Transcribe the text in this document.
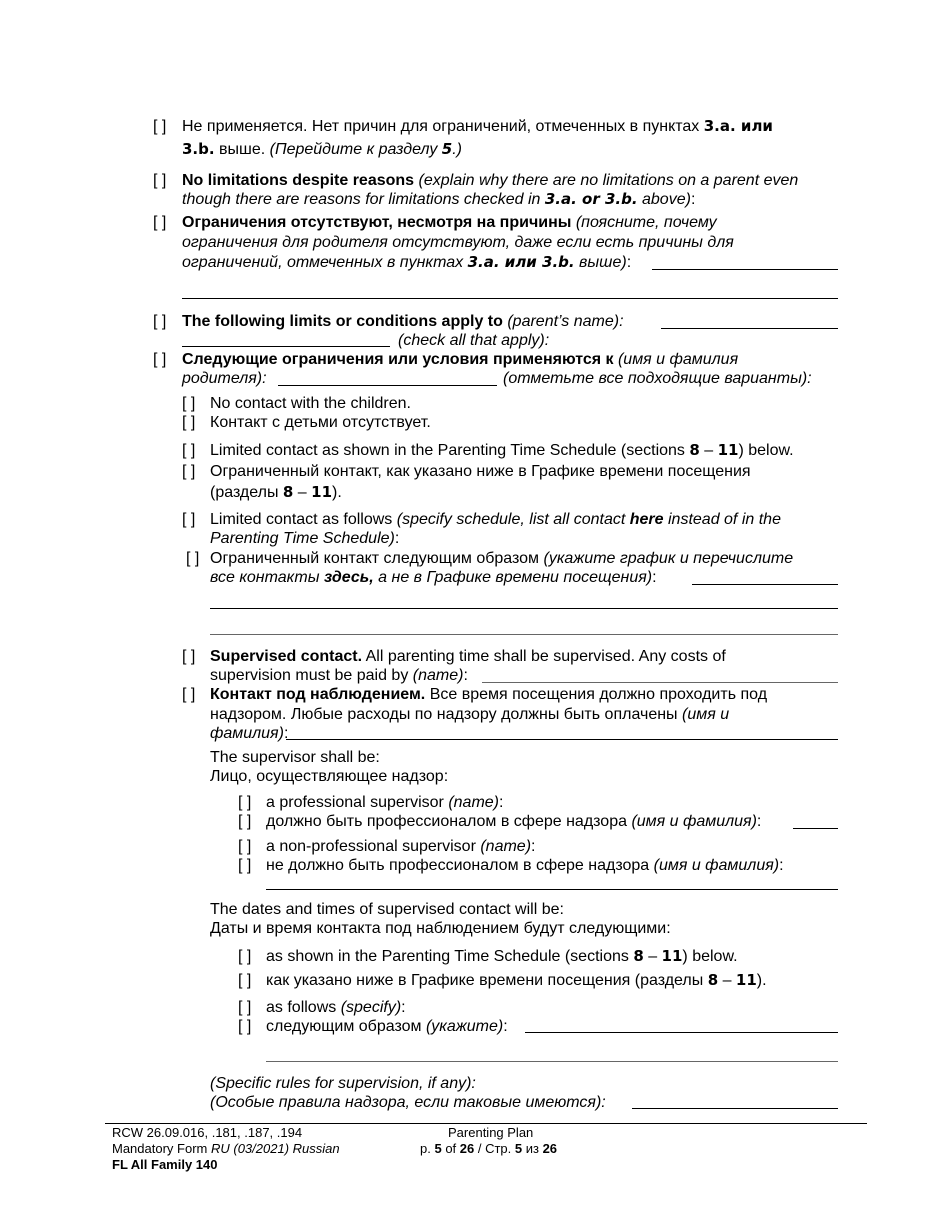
[ ] Не применяется. Нет причин для ограничений, отмеченных в пунктах 3.a. или
3.b. выше. (Перейдите к разделу 5.)
[ ] No limitations despite reasons (explain why there are no limitations on a parent even
though there are reasons for limitations checked in 3.a. or 3.b. above):
[ ] Ограничения отсутствуют, несмотря на причины (поясните, почему
ограничения для родителя отсутствуют, даже если есть причины для
ограничений, отмеченных в пунктах 3.a. или 3.b. выше):
[ ] The following limits or conditions apply to (parent’s name):
(check all that apply):
[ ] Следующие ограничения или условия применяются к (имя и фамилия
родителя):	(отметьте все подходящие варианты):
[ ] No contact with the children.
[ ] Контакт с детьми отсутствует.
[ ] Limited contact as shown in the Parenting Time Schedule (sections 8 – 11) below.
[ ] Ограниченный контакт, как указано ниже в Графике времени посещения
(разделы 8 – 11).
[ ] Limited contact as follows (specify schedule, list all contact here instead of in the
Parenting Time Schedule):
[ ] Ограниченный контакт следующим образом (укажите график и перечислите
все контакты здесь, а не в Графике времени посещения):
[ ] Supervised contact. All parenting time shall be supervised. Any costs of
supervision must be paid by (name):
[ ] Контакт под наблюдением. Все время посещения должно проходить под
надзором. Любые расходы по надзору должны быть оплачены (имя и
фамилия):
The supervisor shall be:
Лицо, осуществляющее надзор:
[ ] a professional supervisor (name):
[ ] должно быть профессионалом в сфере надзора (имя и фамилия):
[ ] a non-professional supervisor (name):
[ ] не должно быть профессионалом в сфере надзора (имя и фамилия):
The dates and times of supervised contact will be:
Даты и время контакта под наблюдением будут следующими:
[ ] as shown in the Parenting Time Schedule (sections 8 – 11) below.
[ ] как указано ниже в Графике времени посещения (разделы 8 – 11).
[ ] as follows (specify):
[ ] следующим образом (укажите):
(Specific rules for supervision, if any):
(Особые правила надзора, если таковые имеются):
RCW 26.09.016, .181, .187, .194
Mandatory Form RU (03/2021) Russian
FL All Family 140
Parenting Plan
p. 5 of 26 / Стр. 5 из 26
